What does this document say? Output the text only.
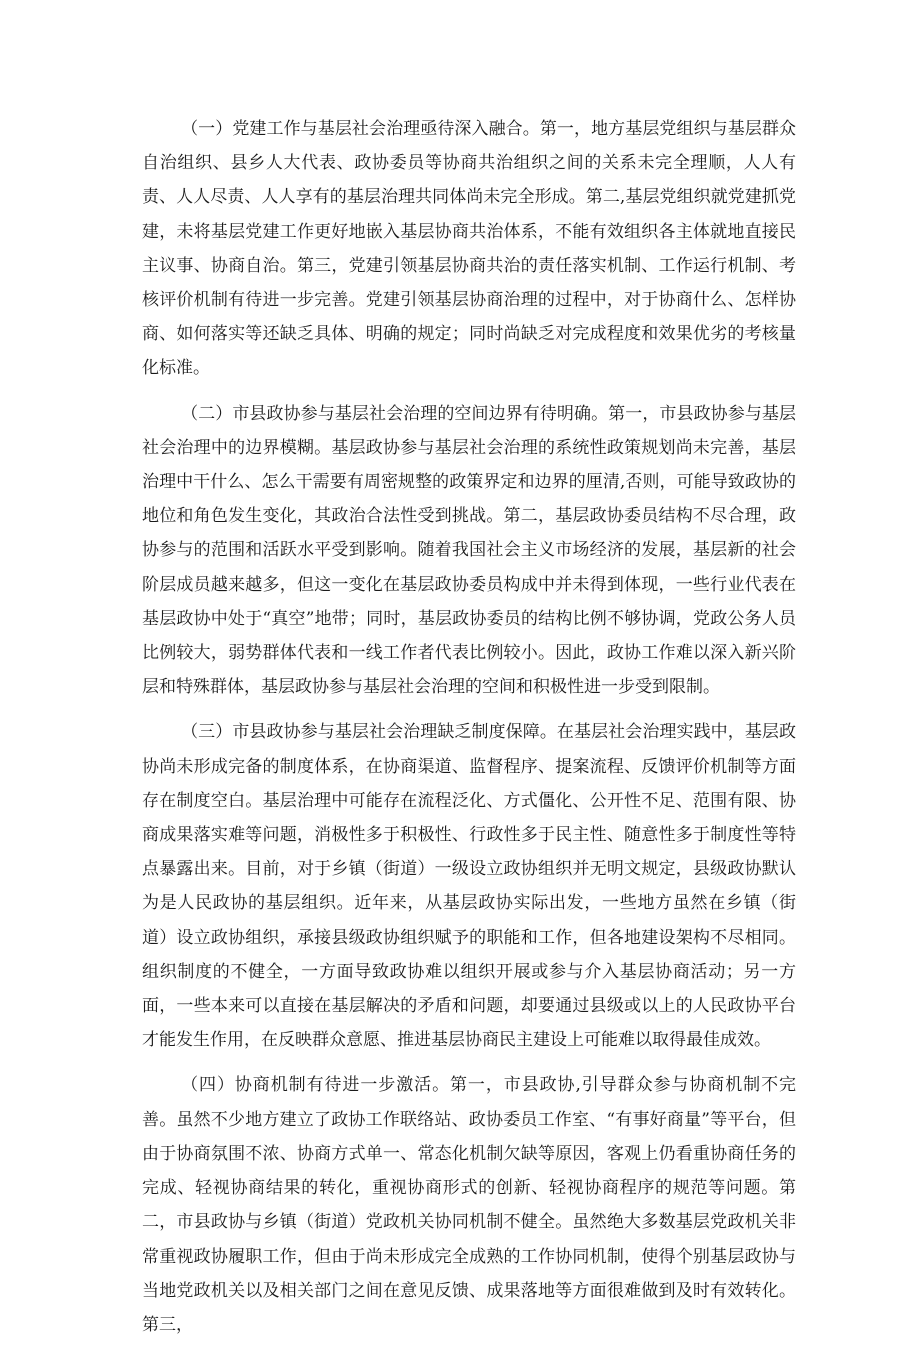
（一）党建工作与基层社会治理亟待深入融合。第一，地方基层党组织与基层群众自治组织、县乡人大代表、政协委员等协商共治组织之间的关系未完全理顺，人人有责、人人尽责、人人享有的基层治理共同体尚未完全形成。第二,基层党组织就党建抓党建，未将基层党建工作更好地嵌入基层协商共治体系，不能有效组织各主体就地直接民主议事、协商自治。第三，党建引领基层协商共治的责任落实机制、工作运行机制、考核评价机制有待进一步完善。党建引领基层协商治理的过程中，对于协商什么、怎样协商、如何落实等还缺乏具体、明确的规定；同时尚缺乏对完成程度和效果优劣的考核量化标准。

（二）市县政协参与基层社会治理的空间边界有待明确。第一，市县政协参与基层社会治理中的边界模糊。基层政协参与基层社会治理的系统性政策规划尚未完善，基层治理中干什么、怎么干需要有周密规整的政策界定和边界的厘清,否则，可能导致政协的地位和角色发生变化，其政治合法性受到挑战。第二，基层政协委员结构不尽合理，政协参与的范围和活跃水平受到影响。随着我国社会主义市场经济的发展，基层新的社会阶层成员越来越多，但这一变化在基层政协委员构成中并未得到体现，一些行业代表在基层政协中处于“真空”地带；同时，基层政协委员的结构比例不够协调，党政公务人员比例较大，弱势群体代表和一线工作者代表比例较小。因此，政协工作难以深入新兴阶层和特殊群体，基层政协参与基层社会治理的空间和积极性进一步受到限制。

（三）市县政协参与基层社会治理缺乏制度保障。在基层社会治理实践中，基层政协尚未形成完备的制度体系，在协商渠道、监督程序、提案流程、反馈评价机制等方面存在制度空白。基层治理中可能存在流程泛化、方式僵化、公开性不足、范围有限、协商成果落实难等问题，消极性多于积极性、行政性多于民主性、随意性多于制度性等特点暴露出来。目前，对于乡镇（街道）一级设立政协组织并无明文规定，县级政协默认为是人民政协的基层组织。近年来，从基层政协实际出发，一些地方虽然在乡镇（街道）设立政协组织，承接县级政协组织赋予的职能和工作，但各地建设架构不尽相同。组织制度的不健全，一方面导致政协难以组织开展或参与介入基层协商活动；另一方面，一些本来可以直接在基层解决的矛盾和问题，却要通过县级或以上的人民政协平台才能发生作用，在反映群众意愿、推进基层协商民主建设上可能难以取得最佳成效。

（四）协商机制有待进一步激活。第一，市县政协,引导群众参与协商机制不完善。虽然不少地方建立了政协工作联络站、政协委员工作室、“有事好商量”等平台，但由于协商氛围不浓、协商方式单一、常态化机制欠缺等原因，客观上仍看重协商任务的完成、轻视协商结果的转化，重视协商形式的创新、轻视协商程序的规范等问题。第二，市县政协与乡镇（街道）党政机关协同机制不健全。虽然绝大多数基层党政机关非常重视政协履职工作，但由于尚未形成完全成熟的工作协同机制，使得个别基层政协与当地党政机关以及相关部门之间在意见反馈、成果落地等方面很难做到及时有效转化。第三，
